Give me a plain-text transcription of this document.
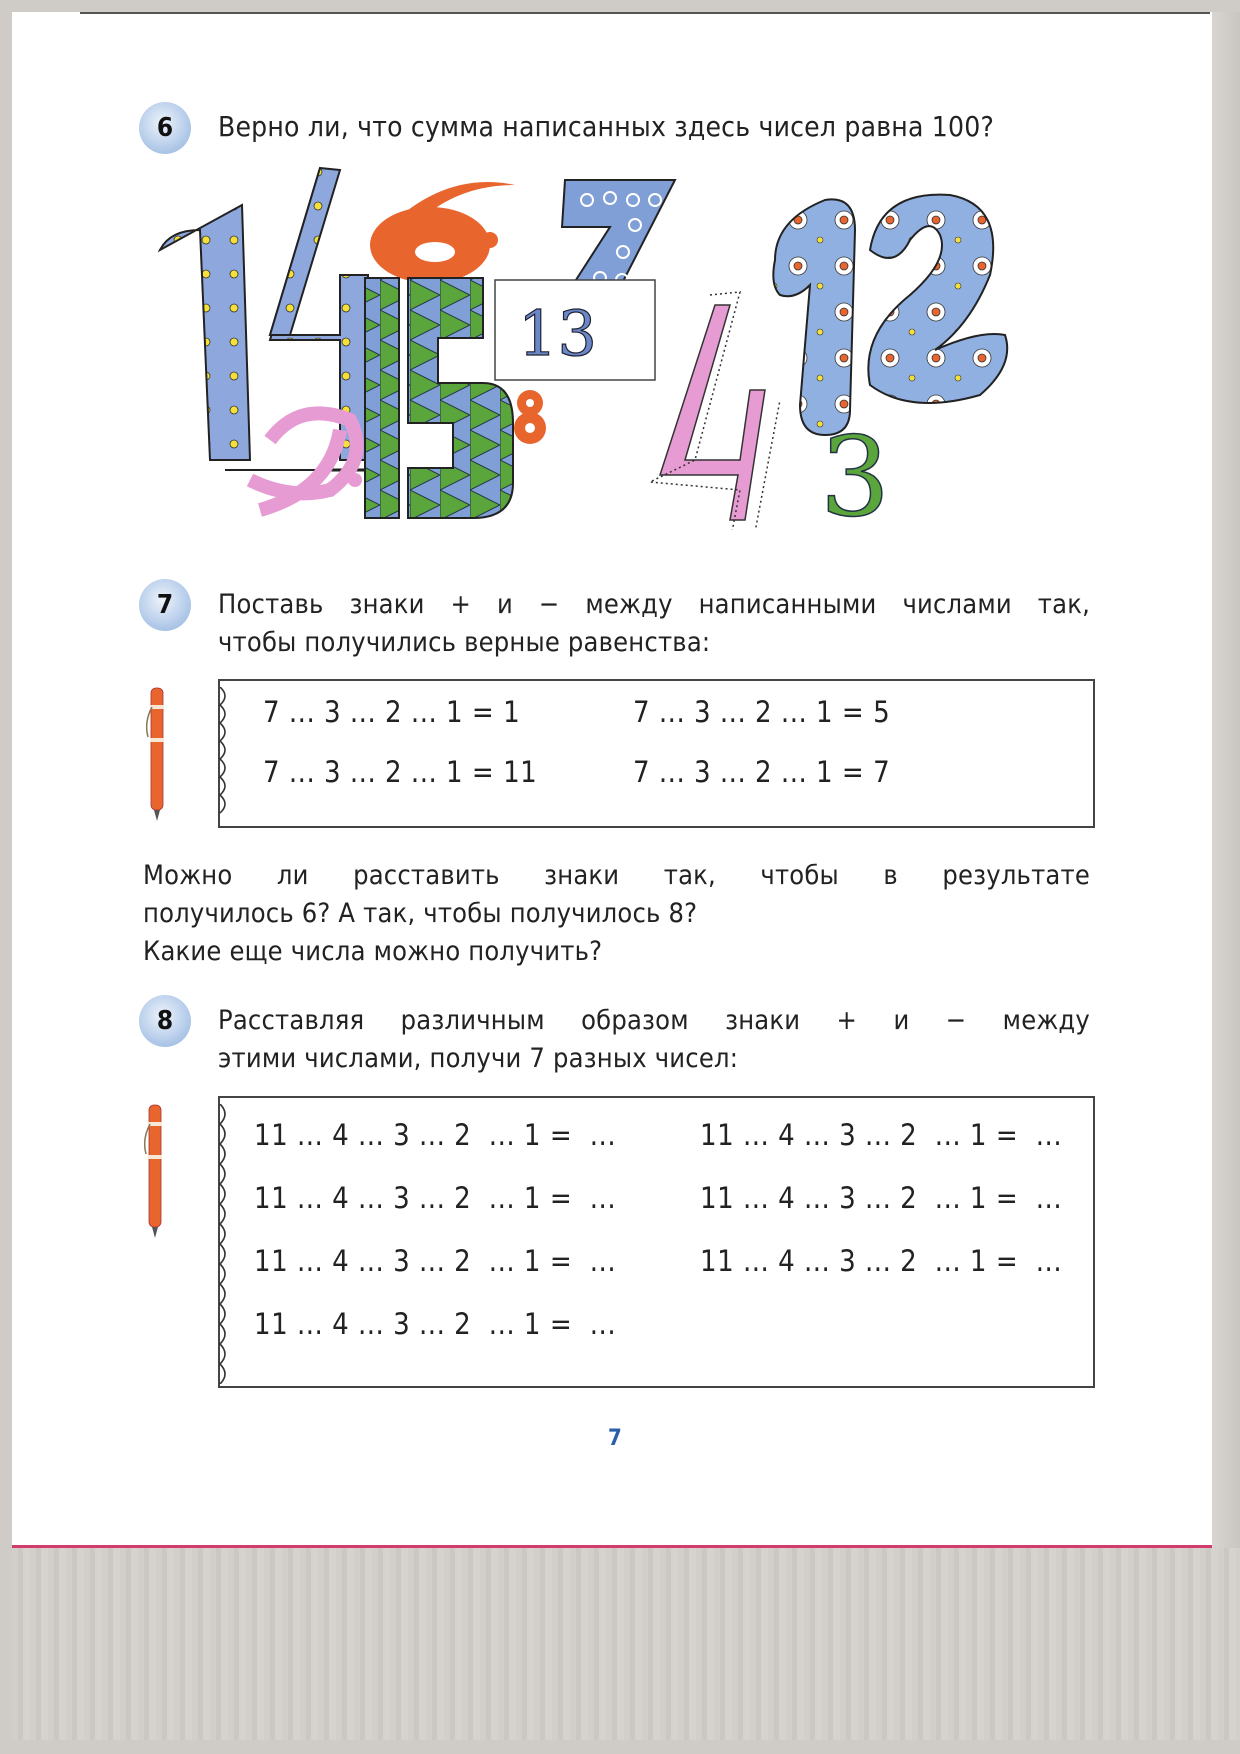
6	Верно ли, что сумма написанных здесь чисел равна 100?
13
3
7	Поставь знаки + и − между написанными числами так,
чтобы получились верные равенства:
7 ... 3 ... 2 ... 1 = 1	7 ... 3 ... 2 ... 1 = 5
7 ... 3 ... 2 ... 1 = 11	7 ... 3 ... 2 ... 1 = 7
Можно ли расставить знаки так, чтобы в результате
получилось 6? А так, чтобы получилось 8?
Какие еще числа можно получить?
8	Расставляя различным образом знаки + и − между
этими числами, получи 7 разных чисел:
11 ... 4 ... 3 ... 2  ... 1 =  ...	11 ... 4 ... 3 ... 2  ... 1 =  ...
11 ... 4 ... 3 ... 2  ... 1 =  ...	11 ... 4 ... 3 ... 2  ... 1 =  ...
11 ... 4 ... 3 ... 2  ... 1 =  ...	11 ... 4 ... 3 ... 2  ... 1 =  ...
11 ... 4 ... 3 ... 2  ... 1 =  ...
7
